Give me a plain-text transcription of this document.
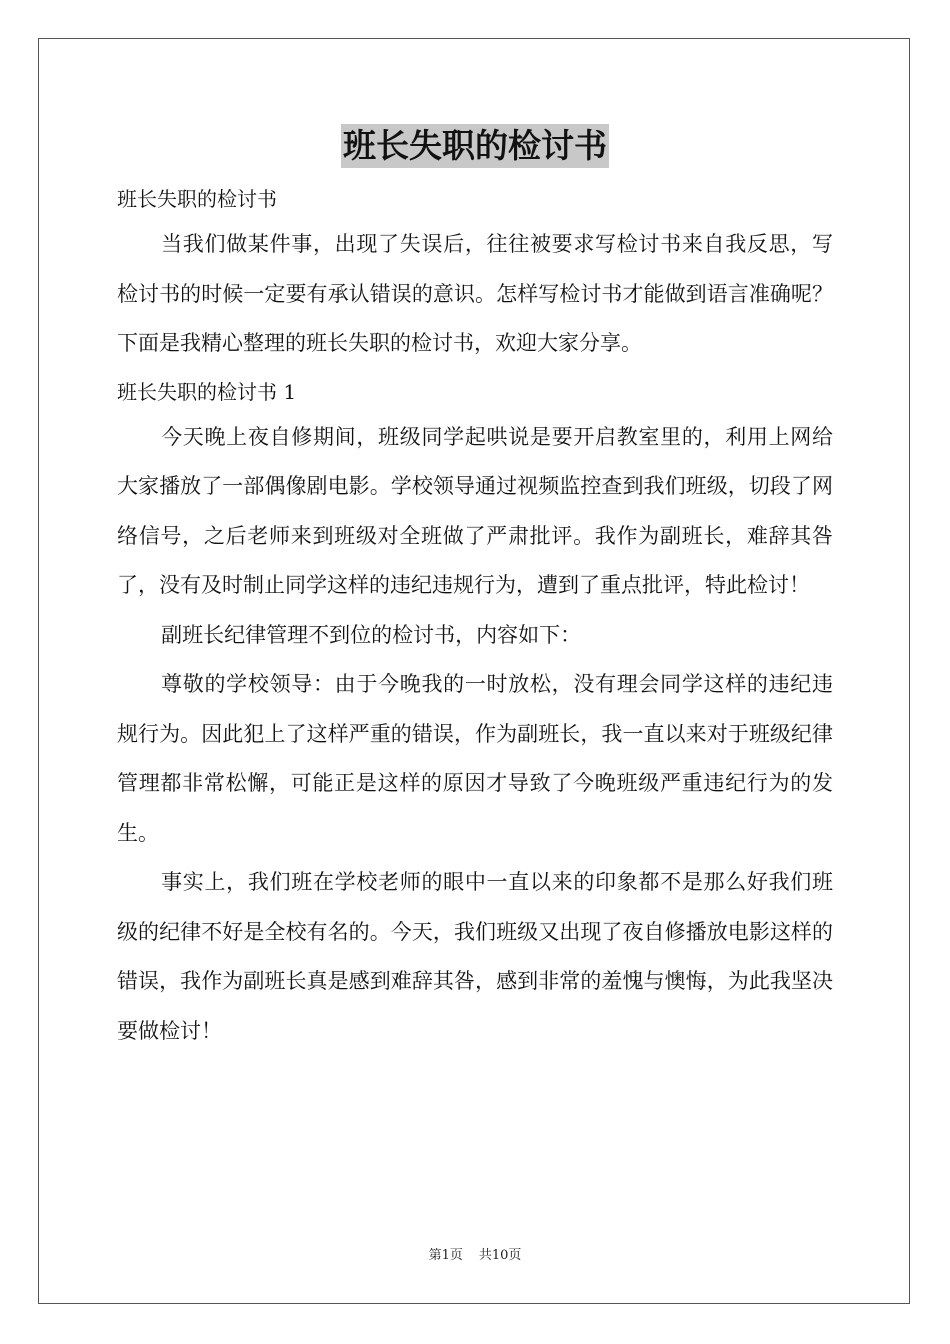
班长失职的检讨书

班长失职的检讨书

当我们做某件事，出现了失误后，往往被要求写检讨书来自我反思，写检讨书的时候一定要有承认错误的意识。怎样写检讨书才能做到语言准确呢？下面是我精心整理的班长失职的检讨书，欢迎大家分享。

班长失职的检讨书 1

今天晚上夜自修期间，班级同学起哄说是要开启教室里的，利用上网给大家播放了一部偶像剧电影。学校领导通过视频监控查到我们班级，切段了网络信号，之后老师来到班级对全班做了严肃批评。我作为副班长，难辞其咎了，没有及时制止同学这样的违纪违规行为，遭到了重点批评，特此检讨！

副班长纪律管理不到位的检讨书，内容如下：

尊敬的学校领导：由于今晚我的一时放松，没有理会同学这样的违纪违规行为。因此犯上了这样严重的错误，作为副班长，我一直以来对于班级纪律管理都非常松懈，可能正是这样的原因才导致了今晚班级严重违纪行为的发生。

事实上，我们班在学校老师的眼中一直以来的印象都不是那么好我们班级的纪律不好是全校有名的。今天，我们班级又出现了夜自修播放电影这样的错误，我作为副班长真是感到难辞其咎，感到非常的羞愧与懊悔，为此我坚决要做检讨！

第1页 共10页
